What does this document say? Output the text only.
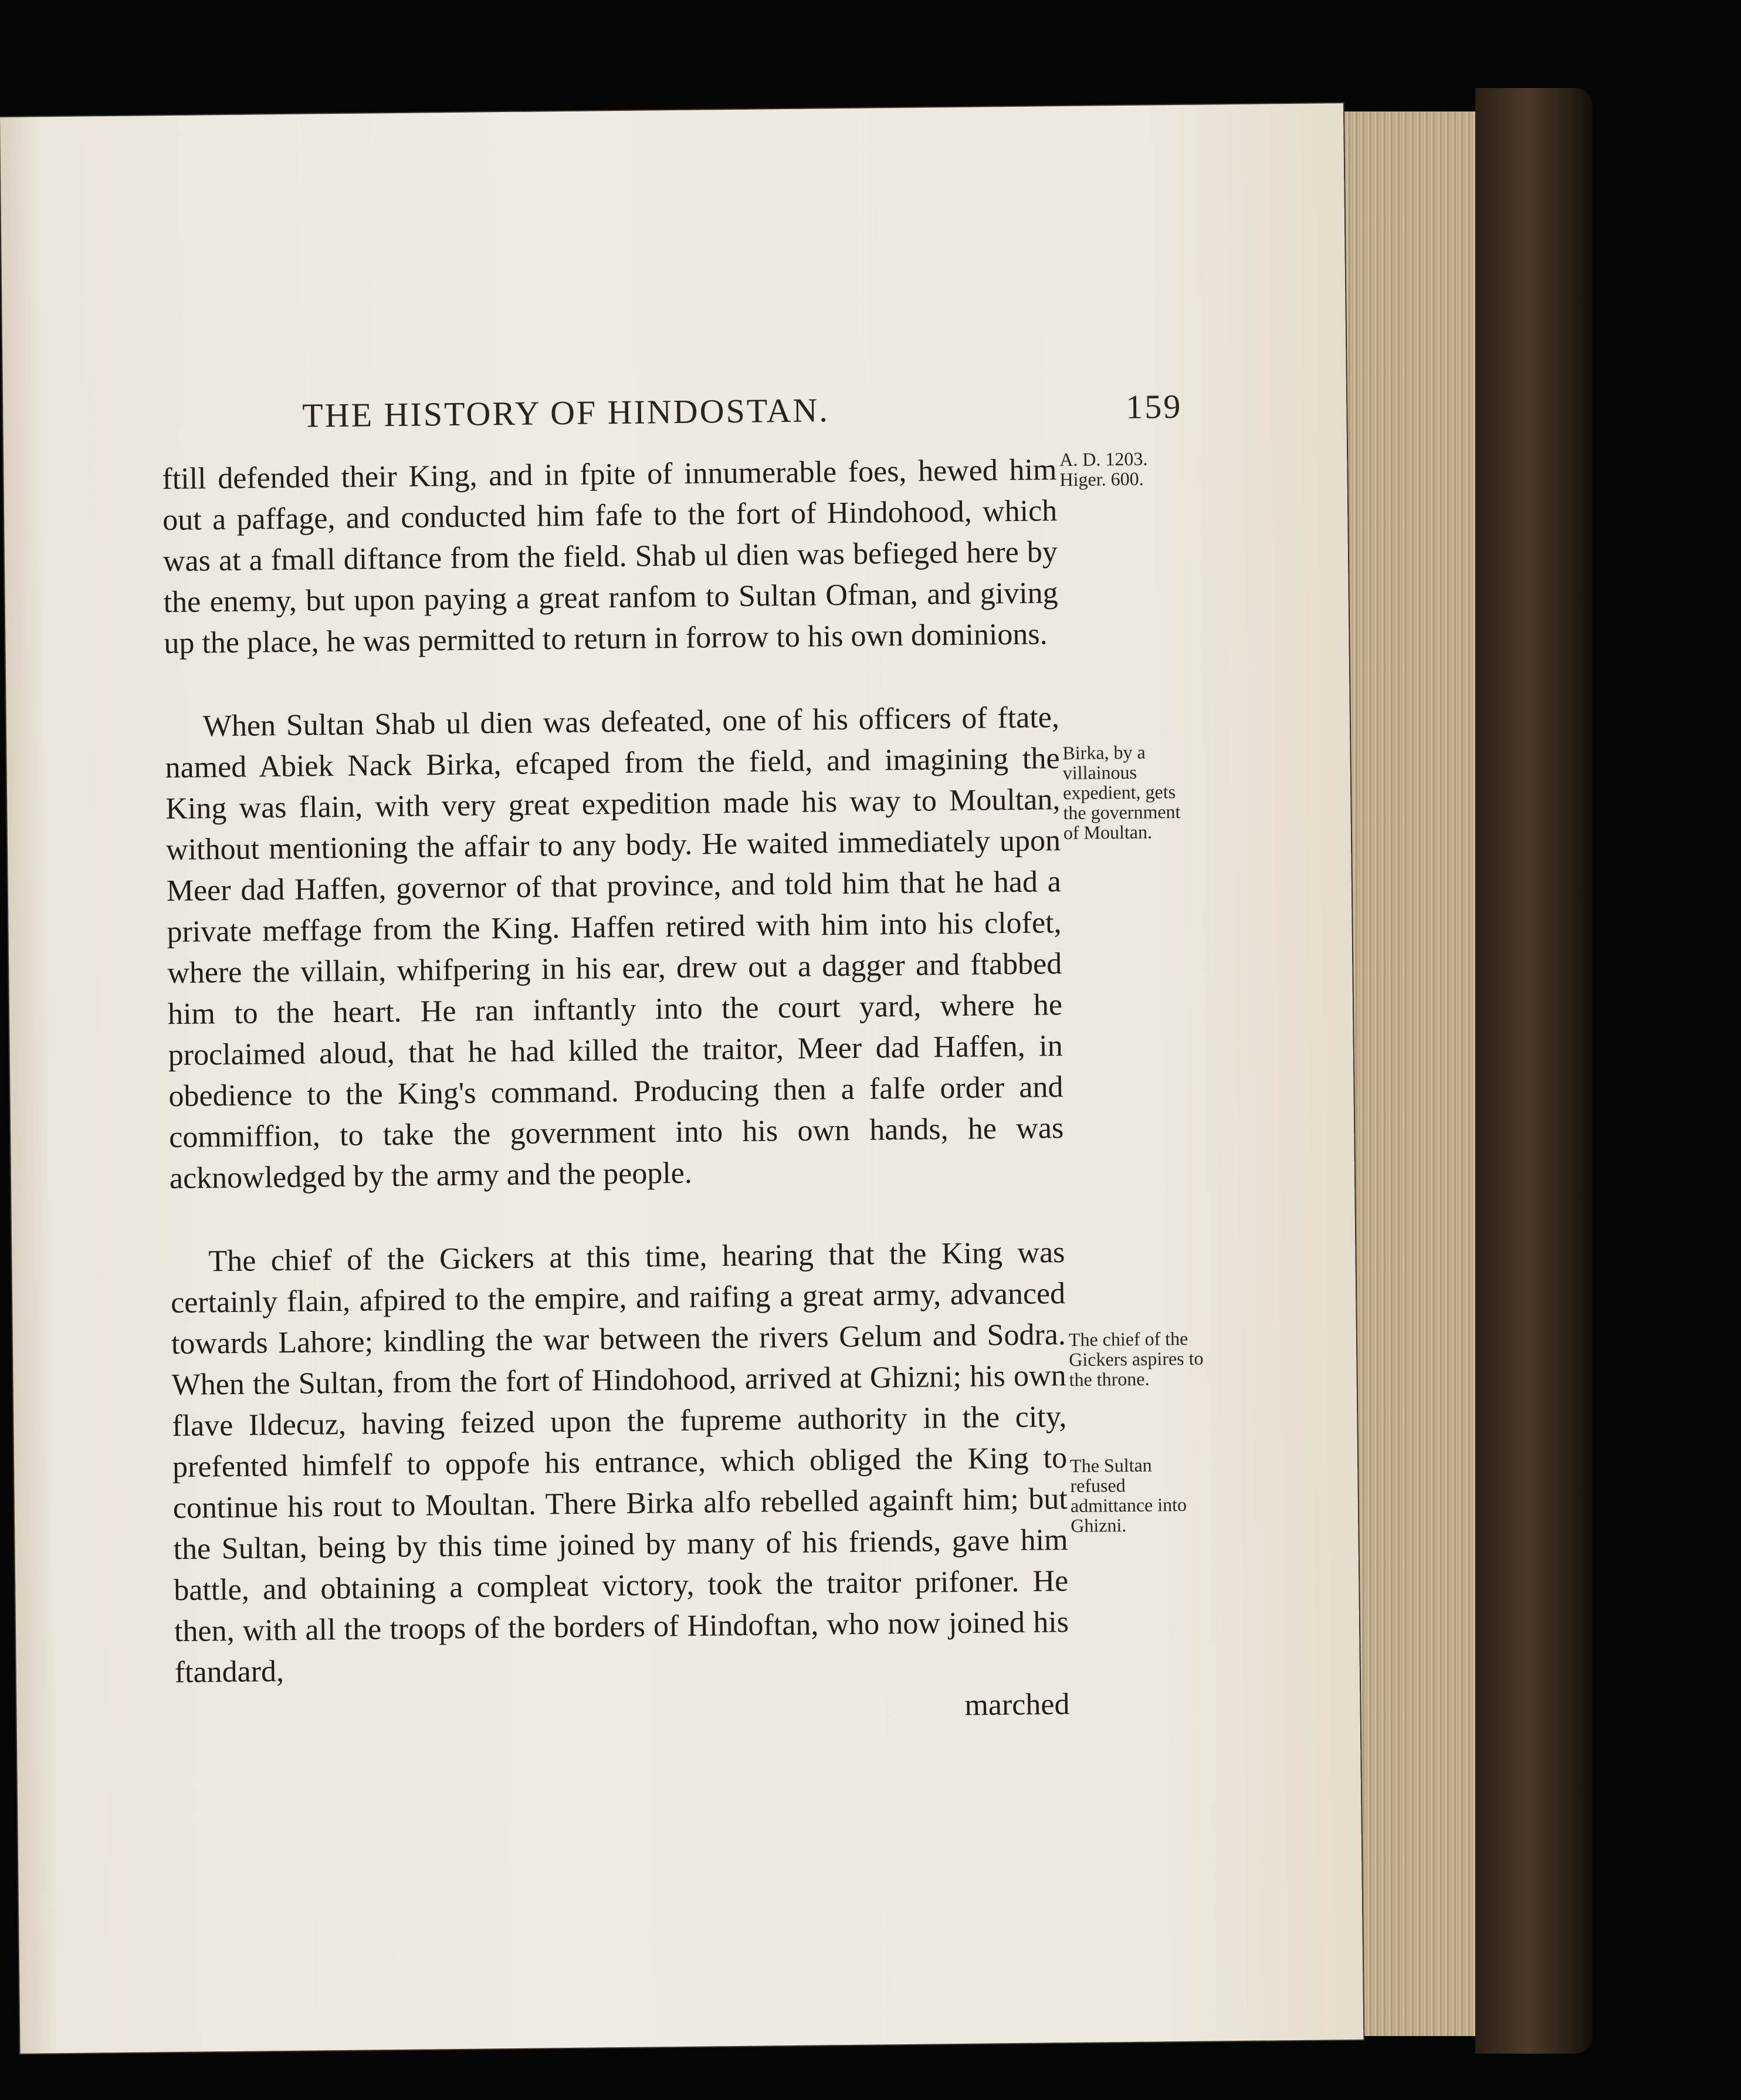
THE HISTORY OF HINDOSTAN.	159

ftill defended their King, and in fpite of innumerable foes, hewed him out a paffage, and conducted him fafe to the fort of Hindohood, which was at a fmall diftance from the field. Shab ul dien was befieged here by the enemy, but upon paying a great ranfom to Sultan Ofman, and giving up the place, he was permitted to return in forrow to his own dominions.

When Sultan Shab ul dien was defeated, one of his officers of ftate, named Abiek Nack Birka, efcaped from the field, and imagining the King was flain, with very great expedition made his way to Moultan, without mentioning the affair to any body. He waited immediately upon Meer dad Haffen, governor of that province, and told him that he had a private meffage from the King. Haffen retired with him into his clofet, where the villain, whifpering in his ear, drew out a dagger and ftabbed him to the heart. He ran inftantly into the court yard, where he proclaimed aloud, that he had killed the traitor, Meer dad Haffen, in obedience to the King's command. Producing then a falfe order and commiffion, to take the government into his own hands, he was acknowledged by the army and the people.

The chief of the Gickers at this time, hearing that the King was certainly flain, afpired to the empire, and raifing a great army, advanced towards Lahore; kindling the war between the rivers Gelum and Sodra. When the Sultan, from the fort of Hindohood, arrived at Ghizni; his own flave Ildecuz, having feized upon the fupreme authority in the city, prefented himfelf to oppofe his entrance, which obliged the King to continue his rout to Moultan. There Birka alfo rebelled againft him; but the Sultan, being by this time joined by many of his friends, gave him battle, and obtaining a compleat victory, took the traitor prifoner. He then, with all the troops of the borders of Hindoftan, who now joined his ftandard,

marched
A. D. 1203. Higer. 600.
Birka, by a villainous expedient, gets the government of Moultan.
The chief of the Gickers aspires to the throne.
The Sultan refused admittance into Ghizni.
